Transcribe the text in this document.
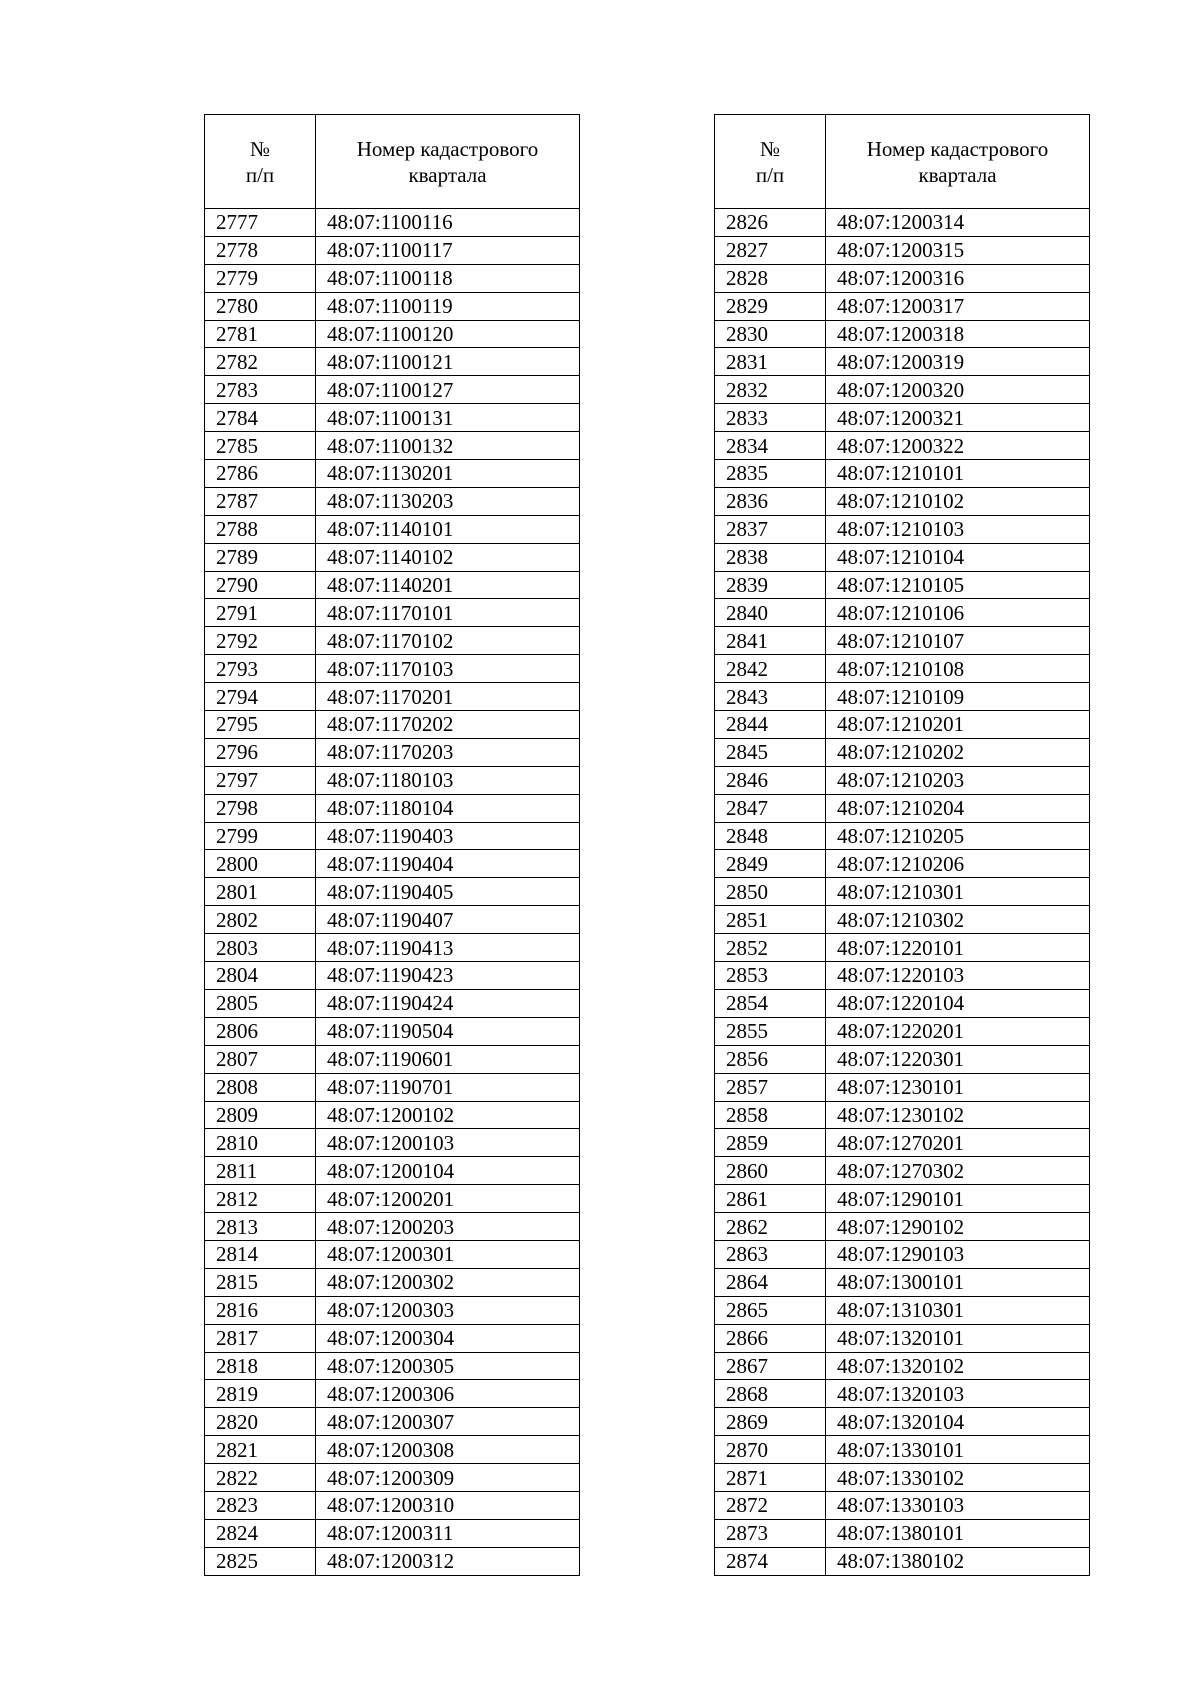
№
п/п	Номер кадастрового квартала
2777	48:07:1100116
2778	48:07:1100117
2779	48:07:1100118
2780	48:07:1100119
2781	48:07:1100120
2782	48:07:1100121
2783	48:07:1100127
2784	48:07:1100131
2785	48:07:1100132
2786	48:07:1130201
2787	48:07:1130203
2788	48:07:1140101
2789	48:07:1140102
2790	48:07:1140201
2791	48:07:1170101
2792	48:07:1170102
2793	48:07:1170103
2794	48:07:1170201
2795	48:07:1170202
2796	48:07:1170203
2797	48:07:1180103
2798	48:07:1180104
2799	48:07:1190403
2800	48:07:1190404
2801	48:07:1190405
2802	48:07:1190407
2803	48:07:1190413
2804	48:07:1190423
2805	48:07:1190424
2806	48:07:1190504
2807	48:07:1190601
2808	48:07:1190701
2809	48:07:1200102
2810	48:07:1200103
2811	48:07:1200104
2812	48:07:1200201
2813	48:07:1200203
2814	48:07:1200301
2815	48:07:1200302
2816	48:07:1200303
2817	48:07:1200304
2818	48:07:1200305
2819	48:07:1200306
2820	48:07:1200307
2821	48:07:1200308
2822	48:07:1200309
2823	48:07:1200310
2824	48:07:1200311
2825	48:07:1200312
№
п/п	Номер кадастрового квартала
2826	48:07:1200314
2827	48:07:1200315
2828	48:07:1200316
2829	48:07:1200317
2830	48:07:1200318
2831	48:07:1200319
2832	48:07:1200320
2833	48:07:1200321
2834	48:07:1200322
2835	48:07:1210101
2836	48:07:1210102
2837	48:07:1210103
2838	48:07:1210104
2839	48:07:1210105
2840	48:07:1210106
2841	48:07:1210107
2842	48:07:1210108
2843	48:07:1210109
2844	48:07:1210201
2845	48:07:1210202
2846	48:07:1210203
2847	48:07:1210204
2848	48:07:1210205
2849	48:07:1210206
2850	48:07:1210301
2851	48:07:1210302
2852	48:07:1220101
2853	48:07:1220103
2854	48:07:1220104
2855	48:07:1220201
2856	48:07:1220301
2857	48:07:1230101
2858	48:07:1230102
2859	48:07:1270201
2860	48:07:1270302
2861	48:07:1290101
2862	48:07:1290102
2863	48:07:1290103
2864	48:07:1300101
2865	48:07:1310301
2866	48:07:1320101
2867	48:07:1320102
2868	48:07:1320103
2869	48:07:1320104
2870	48:07:1330101
2871	48:07:1330102
2872	48:07:1330103
2873	48:07:1380101
2874	48:07:1380102
